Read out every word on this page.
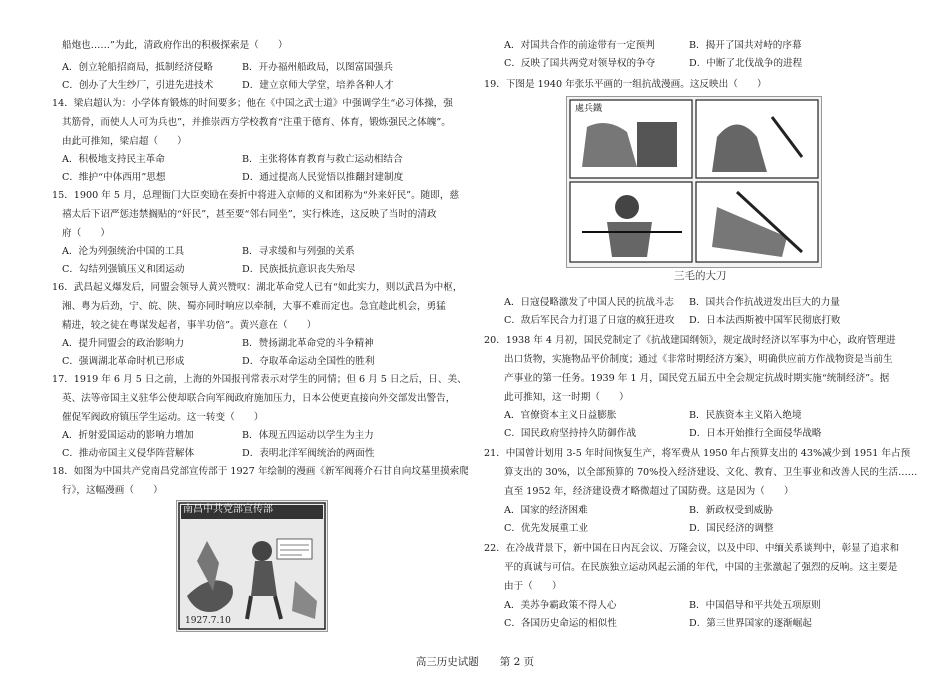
船炮也……”为此，清政府作出的积极探索是（　　）
A．创立轮船招商局，抵制经济侵略	B．开办福州船政局，以图富国强兵
C．创办了大生纱厂，引进先进技术	D．建立京师大学堂，培养各种人才
14．梁启超认为：小学体育锻炼的时间要多；他在《中国之武士道》中强调学生“必习体操，强
其筋骨，而使人人可为兵也”，并推崇西方学校教育“注重于德育、体育，锻炼强民之体魄”。
由此可推知，梁启超（　　）
A．积极地支持民主革命	B．主张将体育教育与救亡运动相结合
C．维护“中体西用”思想	D．通过提高人民觉悟以推翻封建制度
15．1900 年 5 月，总理衙门大臣奕劻在奏折中将进入京师的义和团称为“外来奸民”。随即，慈
禧太后下诏严惩违禁搁贴的“奸民”，甚至要“邻右同坐”，实行株连，这反映了当时的清政
府（　　）
A．沦为列强统治中国的工具	B．寻求缓和与列强的关系
C．勾结列强镇压义和团运动	D．民族抵抗意识丧失殆尽
16．武昌起义爆发后，同盟会领导人黄兴赞叹：湖北革命党人已有“如此实力，则以武昌为中枢，
湘、粤为后劲，宁、皖、陕、蜀亦同时响应以牵制，大事不难而定也。急宜趁此机会，勇猛
精进，较之徒在粤谋发起者，事半功倍”。黄兴意在（　　）
A．提升同盟会的政治影响力	B．赞扬湖北革命党的斗争精神
C．强调湖北革命时机已形成	D．夺取革命运动全国性的胜利
17．1919 年 6 月 5 日之前，上海的外国报刊常表示对学生的同情；但 6 月 5 日之后，日、美、
英、法等帝国主义驻华公使却联合向军阀政府施加压力，日本公使更直接向外交部发出警告，
催促军阀政府镇压学生运动。这一转变（　　）
A．折射爱国运动的影响力增加	B．体现五四运动以学生为主力
C．推动帝国主义侵华阵营解体	D．表明北洋军阀统治的两面性
18．如图为中国共产党南昌党部宣传部于 1927 年绘制的漫画《新军阀蒋介石甘自向坟墓里摸索爬
行》，这幅漫画（　　）
南昌中共党部宣传部
1927.7.10
A．对国共合作的前途带有一定预判	B．揭开了国共对峙的序幕
C．反映了国共两党对领导权的争夺	D．中断了北伐战争的进程
19．下图是 1940 年张乐平画的一组抗战漫画。这反映出（　　）
處兵鐵
三毛的大刀
A．日寇侵略激发了中国人民的抗战斗志 B．国共合作抗战迸发出巨大的力量
C．敌后军民合力打退了日寇的疯狂进攻 D．日本法西斯被中国军民彻底打败
20．1938 年 4 月初，国民党制定了《抗战建国纲领》，规定战时经济以军事为中心，政府管理进
出口货物，实施物品平价制度；通过《非常时期经济方案》，明确供应前方作战物资是当前生
产事业的第一任务。1939 年 1 月，国民党五届五中全会规定抗战时期实施“统制经济”。据
此可推知，这一时期（　　）
A．官僚资本主义日益膨胀	B．民族资本主义陷入绝境
C．国民政府坚持持久防御作战	D．日本开始推行全面侵华战略
21．中国曾计划用 3-5 年时间恢复生产，将军费从 1950 年占预算支出的 43%减少到 1951 年占预
算支出的 30%，以全部预算的 70%投入经济建设、文化、教育、卫生事业和改善人民的生活……
直至 1952 年，经济建设费才略微超过了国防费。这是因为（　　）
A．国家的经济困难	B．新政权受到威胁
C．优先发展重工业	D．国民经济的调整
22．在冷战背景下，新中国在日内瓦会议、万隆会议，以及中印、中缅关系谈判中，彰显了追求和
平的真诚与可信。在民族独立运动风起云涌的年代，中国的主张激起了强烈的反响。这主要是
由于（　　）
A．美苏争霸政策不得人心	B．中国倡导和平共处五项原则
C．各国历史命运的相似性	D．第三世界国家的逐渐崛起
高三历史试题　　第 2 页
